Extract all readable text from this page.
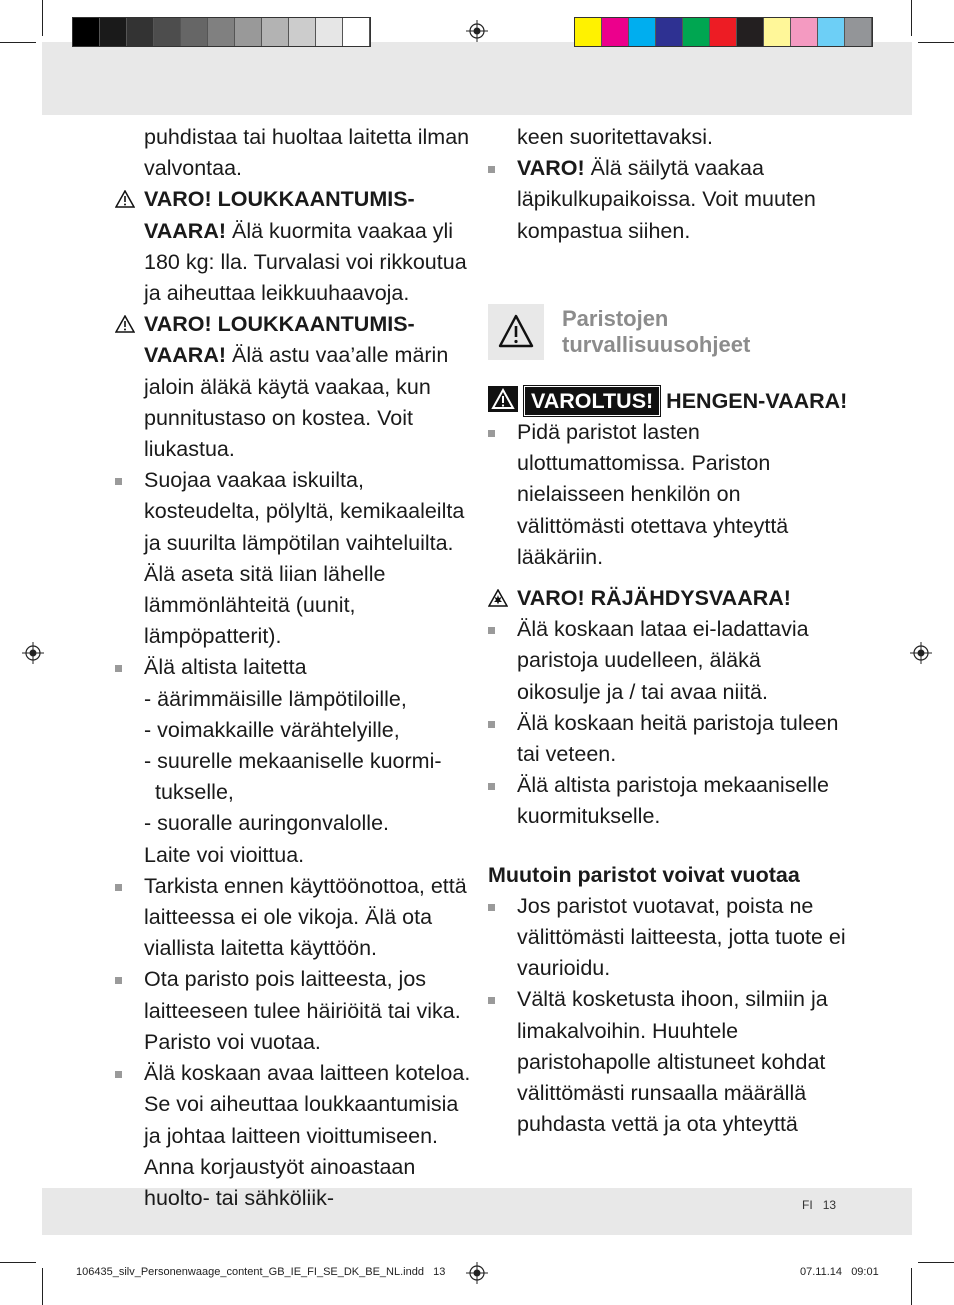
puhdistaa tai huoltaa laitetta ilman valvontaa.

VARO! LOUKKAANTUMIS-VAARA! Älä kuormita vaakaa yli 180 kg: lla. Turvalasi voi rikkoutua ja aiheuttaa leikkuuhaavoja.

VARO! LOUKKAANTUMIS-VAARA! Älä astu vaa’alle märin jaloin äläkä käytä vaakaa, kun punnitustaso on kostea. Voit liukastua.

Suojaa vaakaa iskuilta, kosteudelta, pölyltä, kemikaaleilta ja suurilta lämpötilan vaihteluilta. Älä aseta sitä liian lähelle lämmönlähteitä (uunit, lämpöpatterit).

Älä altista laitetta

- äärimmäisille lämpötiloille,

- voimakkaille värähtelyille,

- suurelle mekaaniselle kuormi-

tukselle,

- suoralle auringonvalolle.

Laite voi vioittua.

Tarkista ennen käyttöönottoa, että laitteessa ei ole vikoja. Älä ota viallista laitetta käyttöön.

Ota paristo pois laitteesta, jos laitteeseen tulee häiriöitä tai vika. Paristo voi vuotaa.

Älä koskaan avaa laitteen koteloa. Se voi aiheuttaa loukkaantumisia ja johtaa laitteen vioittumiseen. Anna korjaustyöt ainoastaan huolto- tai sähköliik-

keen suoritettavaksi.

VARO! Älä säilytä vaakaa läpikulkupaikoissa. Voit muuten kompastua siihen.

Paristojen
turvallisuusohjeet

VAROLTUS! HENGEN-VAARA!

Pidä paristot lasten ulottumattomissa. Pariston nielaisseen henkilön on välittömästi otettava yhteyttä lääkäriin.

VARO! RÄJÄHDYSVAARA!

Älä koskaan lataa ei-ladattavia paristoja uudelleen, äläkä oikosulje ja / tai avaa niitä.

Älä koskaan heitä paristoja tuleen tai veteen.

Älä altista paristoja mekaaniselle kuormitukselle.

Muutoin paristot voivat vuotaa

Jos paristot vuotavat, poista ne välittömästi laitteesta, jotta tuote ei vaurioidu.

Vältä kosketusta ihoon, silmiin ja limakalvoihin. Huuhtele paristohapolle altistuneet kohdat välittömästi runsaalla määrällä puhdasta vettä ja ota yhteyttä

FI 13
106435_silv_Personenwaage_content_GB_IE_FI_SE_DK_BE_NL.indd 13	07.11.14 09:01
